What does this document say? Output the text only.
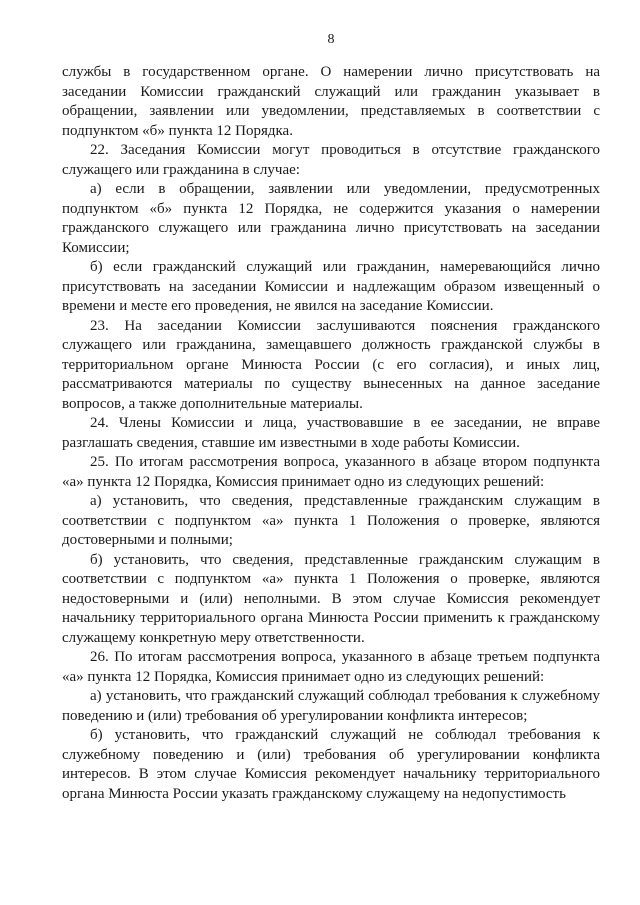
8

службы в государственном органе. О намерении лично присутствовать на заседании Комиссии гражданский служащий или гражданин указывает в обращении, заявлении или уведомлении, представляемых в соответствии с подпунктом «б» пункта 12 Порядка.

22. Заседания Комиссии могут проводиться в отсутствие гражданского служащего или гражданина в случае:

а) если в обращении, заявлении или уведомлении, предусмотренных подпунктом «б» пункта 12 Порядка, не содержится указания о намерении гражданского служащего или гражданина лично присутствовать на заседании Комиссии;

б) если гражданский служащий или гражданин, намеревающийся лично присутствовать на заседании Комиссии и надлежащим образом извещенный о времени и месте его проведения, не явился на заседание Комиссии.

23. На заседании Комиссии заслушиваются пояснения гражданского служащего или гражданина, замещавшего должность гражданской службы в территориальном органе Минюста России (с его согласия), и иных лиц, рассматриваются материалы по существу вынесенных на данное заседание вопросов, а также дополнительные материалы.

24. Члены Комиссии и лица, участвовавшие в ее заседании, не вправе разглашать сведения, ставшие им известными в ходе работы Комиссии.

25. По итогам рассмотрения вопроса, указанного в абзаце втором подпункта «а» пункта 12 Порядка, Комиссия принимает одно из следующих решений:

а) установить, что сведения, представленные гражданским служащим в соответствии с подпунктом «а» пункта 1 Положения о проверке, являются достоверными и полными;

б) установить, что сведения, представленные гражданским служащим в соответствии с подпунктом «а» пункта 1 Положения о проверке, являются недостоверными и (или) неполными. В этом случае Комиссия рекомендует начальнику территориального органа Минюста России применить к гражданскому служащему конкретную меру ответственности.

26. По итогам рассмотрения вопроса, указанного в абзаце третьем подпункта «а» пункта 12 Порядка, Комиссия принимает одно из следующих решений:

а) установить, что гражданский служащий соблюдал требования к служебному поведению и (или) требования об урегулировании конфликта интересов;

б) установить, что гражданский служащий не соблюдал требования к служебному поведению и (или) требования об урегулировании конфликта интересов. В этом случае Комиссия рекомендует начальнику территориального органа Минюста России указать гражданскому служащему на недопустимость
